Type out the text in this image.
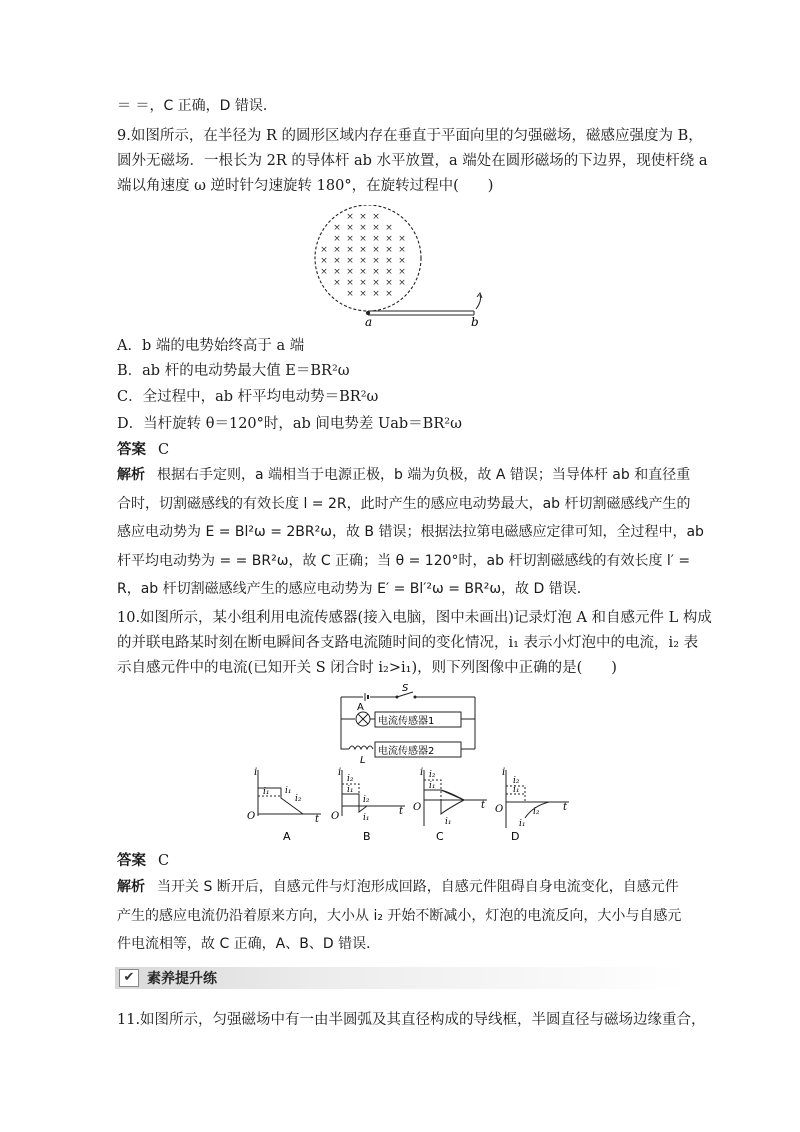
＝ ＝，C 正确，D 错误．
9.如图所示，在半径为 R 的圆形区域内存在垂直于平面向里的匀强磁场，磁感应强度为 B，
圆外无磁场．一根长为 2R 的导体杆 ab 水平放置，a 端处在圆形磁场的下边界，现使杆绕 a
端以角速度 ω 逆时针匀速旋转 180°，在旋转过程中(　　)
× × ×
× × × × ×
× × × × × ×
× × × × × × ×
× × × × × × ×
× × × × × × ×
× × × × × ×
× × × ×
a	b
A．b 端的电势始终高于 a 端
B．ab 杆的电动势最大值 E＝BR²ω
C．全过程中，ab 杆平均电动势＝BR²ω
D．当杆旋转 θ＝120°时，ab 间电势差 Uab＝BR²ω
答案 C
解析 根据右手定则，a 端相当于电源正极，b 端为负极，故 A 错误；当导体杆 ab 和直径重
合时，切割磁感线的有效长度 l = 2R，此时产生的感应电动势最大，ab 杆切割磁感线产生的
感应电动势为 E = Bl²ω = 2BR²ω，故 B 错误；根据法拉第电磁感应定律可知，全过程中，ab
杆平均电动势为 = = BR²ω，故 C 正确；当 θ = 120°时，ab 杆切割磁感线的有效长度 l′ =
R，ab 杆切割磁感线产生的感应电动势为 E′ = Bl′²ω = BR²ω，故 D 错误．
10.如图所示，某小组利用电流传感器(接入电脑，图中未画出)记录灯泡 A 和自感元件 L 构成
的并联电路某时刻在断电瞬间各支路电流随时间的变化情况，i₁ 表示小灯泡中的电流，i₂ 表
示自感元件中的电流(已知开关 S 闭合时 i₂>i₁)，则下列图像中正确的是(　　)
S
A
电流传感器1
L
电流传感器2
i
i₁ i₁
i₂
O	t
A
i
i₂
i₁
i₂
i₁
O	t
B
i i₂
i₁
i₁
O	t
C
i
i₂
i₁
i₂
i₁
O	t
D
答案 C
解析 当开关 S 断开后，自感元件与灯泡形成回路，自感元件阻碍自身电流变化，自感元件
产生的感应电流仍沿着原来方向，大小从 i₂ 开始不断减小，灯泡的电流反向，大小与自感元
件电流相等，故 C 正确，A、B、D 错误．
✔ 素养提升练
11.如图所示，匀强磁场中有一由半圆弧及其直径构成的导线框，半圆直径与磁场边缘重合，
